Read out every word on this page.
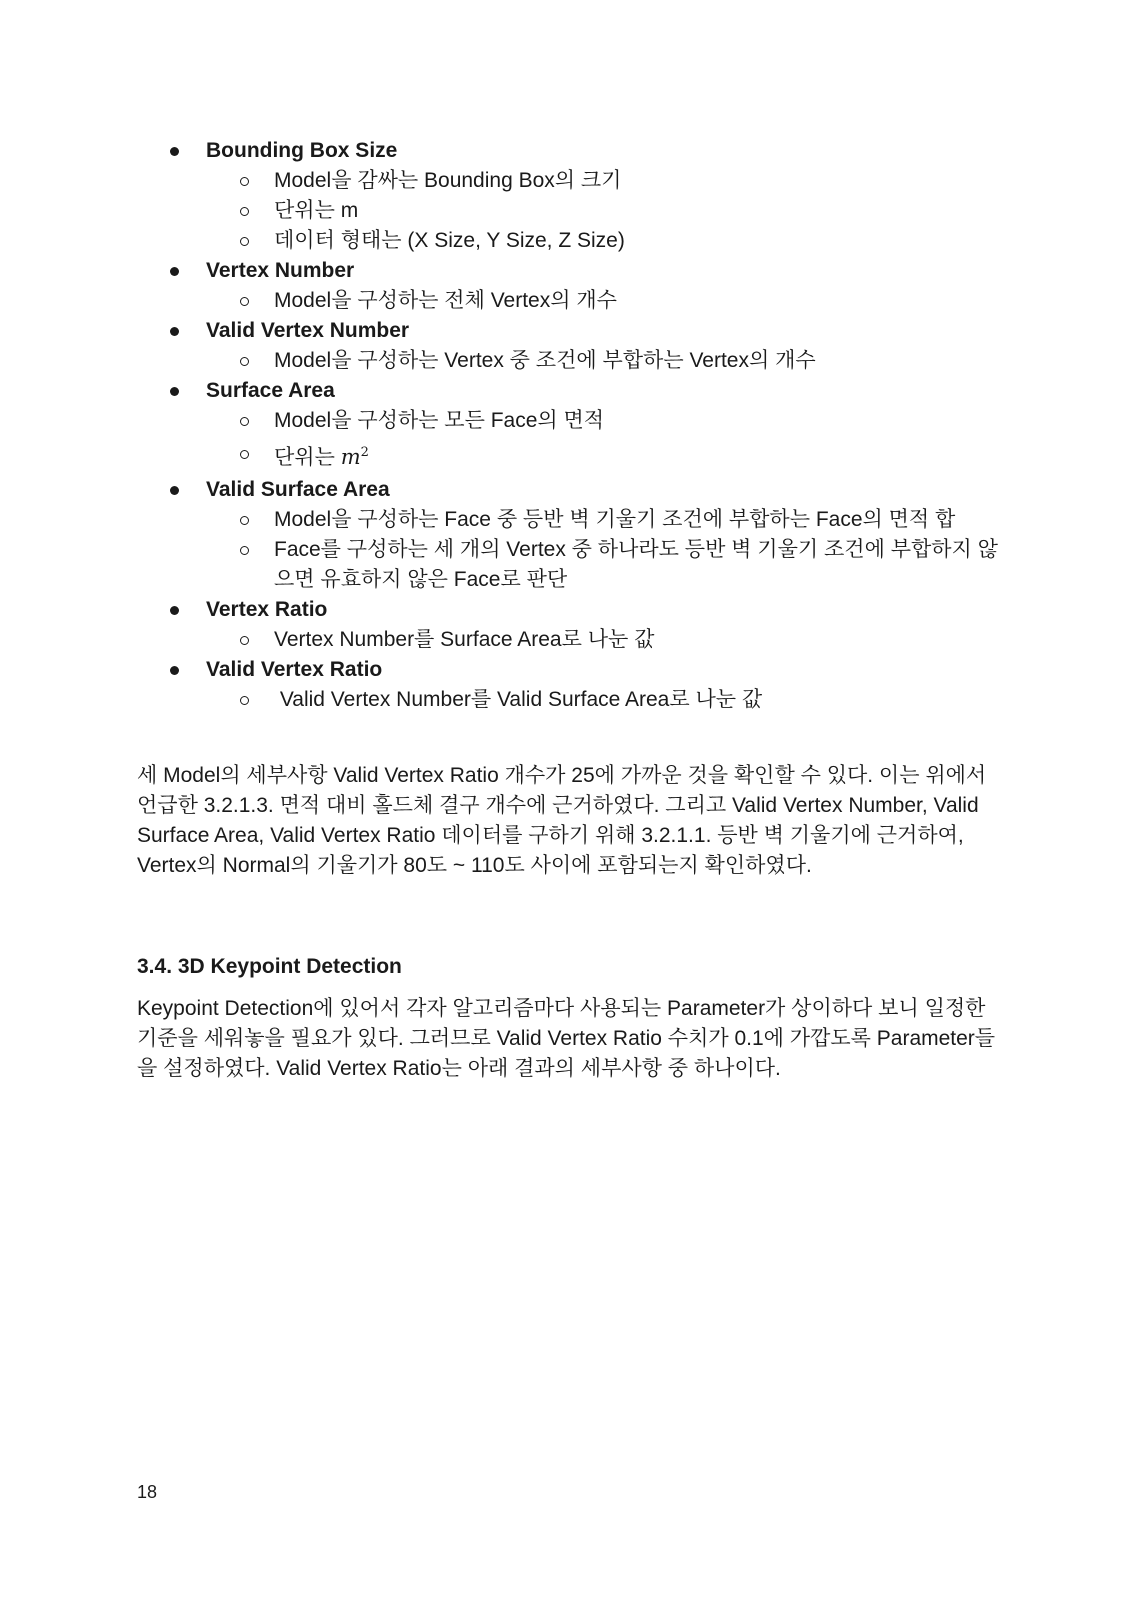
Bounding Box Size
Model을 감싸는 Bounding Box의 크기
단위는 m
데이터 형태는 (X Size, Y Size, Z Size)
Vertex Number
Model을 구성하는 전체 Vertex의 개수
Valid Vertex Number
Model을 구성하는 Vertex 중 조건에 부합하는 Vertex의 개수
Surface Area
Model을 구성하는 모든 Face의 면적
단위는 $m^2$
Valid Surface Area
Model을 구성하는 Face 중 등반 벽 기울기 조건에 부합하는 Face의 면적 합
Face를 구성하는 세 개의 Vertex 중 하나라도 등반 벽 기울기 조건에 부합하지 않으면 유효하지 않은 Face로 판단
Vertex Ratio
Vertex Number를 Surface Area로 나눈 값
Valid Vertex Ratio
Valid Vertex Number를 Valid Surface Area로 나눈 값

세 Model의 세부사항 Valid Vertex Ratio 개수가 25에 가까운 것을 확인할 수 있다. 이는 위에서 언급한 3.2.1.3. 면적 대비 홀드체 결구 개수에 근거하였다. 그리고 Valid Vertex Number, Valid Surface Area, Valid Vertex Ratio 데이터를 구하기 위해 3.2.1.1. 등반 벽 기울기에 근거하여, Vertex의 Normal의 기울기가 80도 ~ 110도 사이에 포함되는지 확인하였다.

3.4. 3D Keypoint Detection

Keypoint Detection에 있어서 각자 알고리즘마다 사용되는 Parameter가 상이하다 보니 일정한 기준을 세워놓을 필요가 있다. 그러므로 Valid Vertex Ratio 수치가 0.1에 가깝도록 Parameter들을 설정하였다. Valid Vertex Ratio는 아래 결과의 세부사항 중 하나이다.

18
